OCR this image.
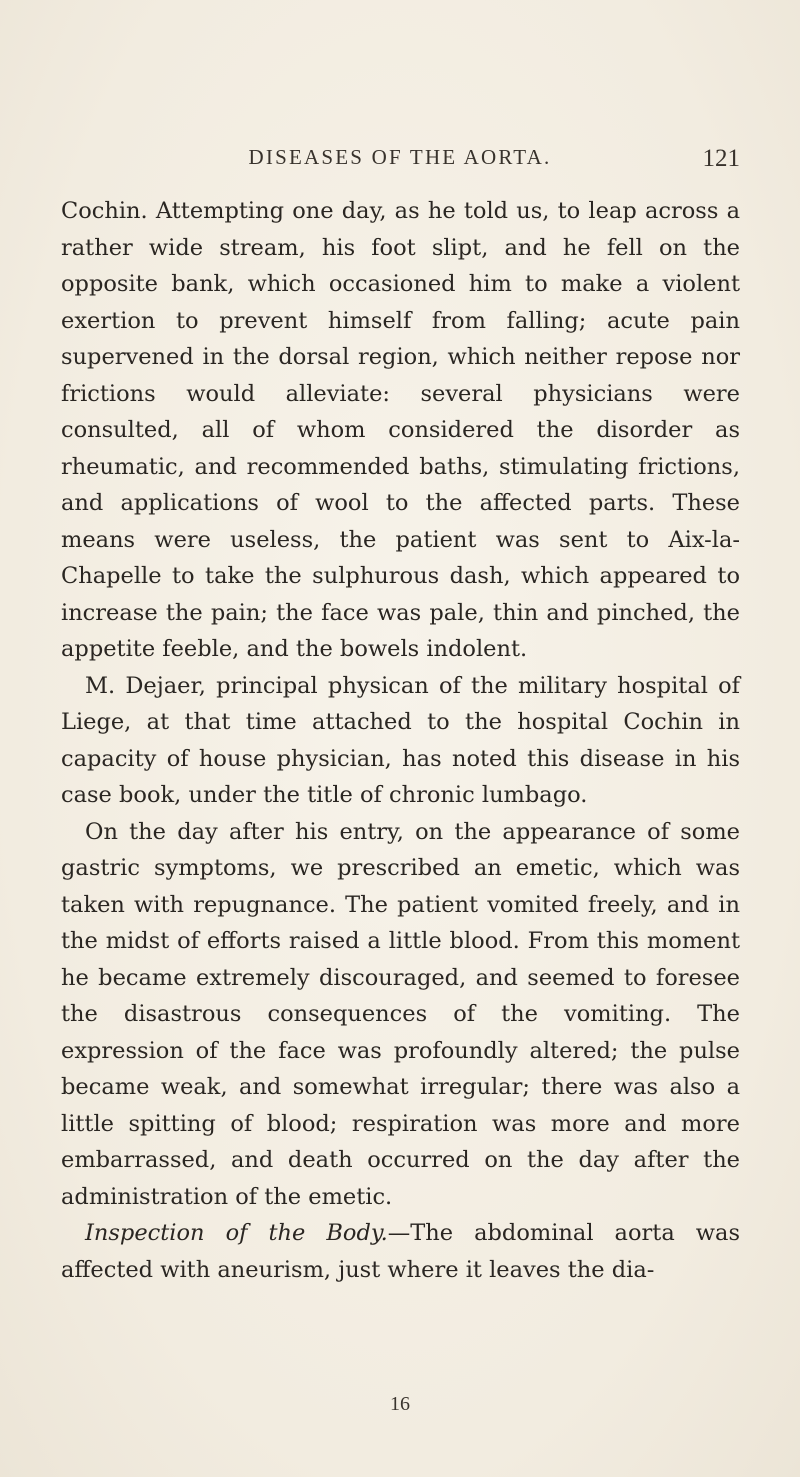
DISEASES OF THE AORTA.	121

Cochin. Attempting one day, as he told us, to leap across a rather wide stream, his foot slipt, and he fell on the opposite bank, which occasioned him to make a violent exertion to prevent himself from falling; acute pain supervened in the dorsal region, which neither repose nor frictions would alleviate: several physicians were consulted, all of whom considered the disorder as rheumatic, and recommended baths, stimulating frictions, and applications of wool to the affected parts. These means were useless, the patient was sent to Aix-la-Chapelle to take the sulphurous dash, which appeared to increase the pain; the face was pale, thin and pinched, the appetite feeble, and the bowels indolent.

M. Dejaer, principal physican of the military hospital of Liege, at that time attached to the hospital Cochin in capacity of house physician, has noted this disease in his case book, under the title of chronic lumbago.

On the day after his entry, on the appearance of some gastric symptoms, we prescribed an emetic, which was taken with repugnance. The patient vomited freely, and in the midst of efforts raised a little blood. From this moment he became extremely discouraged, and seemed to foresee the disastrous consequences of the vomiting. The expression of the face was profoundly altered; the pulse became weak, and somewhat irregular; there was also a little spitting of blood; respiration was more and more embarrassed, and death occurred on the day after the administration of the emetic.

Inspection of the Body.—The abdominal aorta was affected with aneurism, just where it leaves the dia-

16
